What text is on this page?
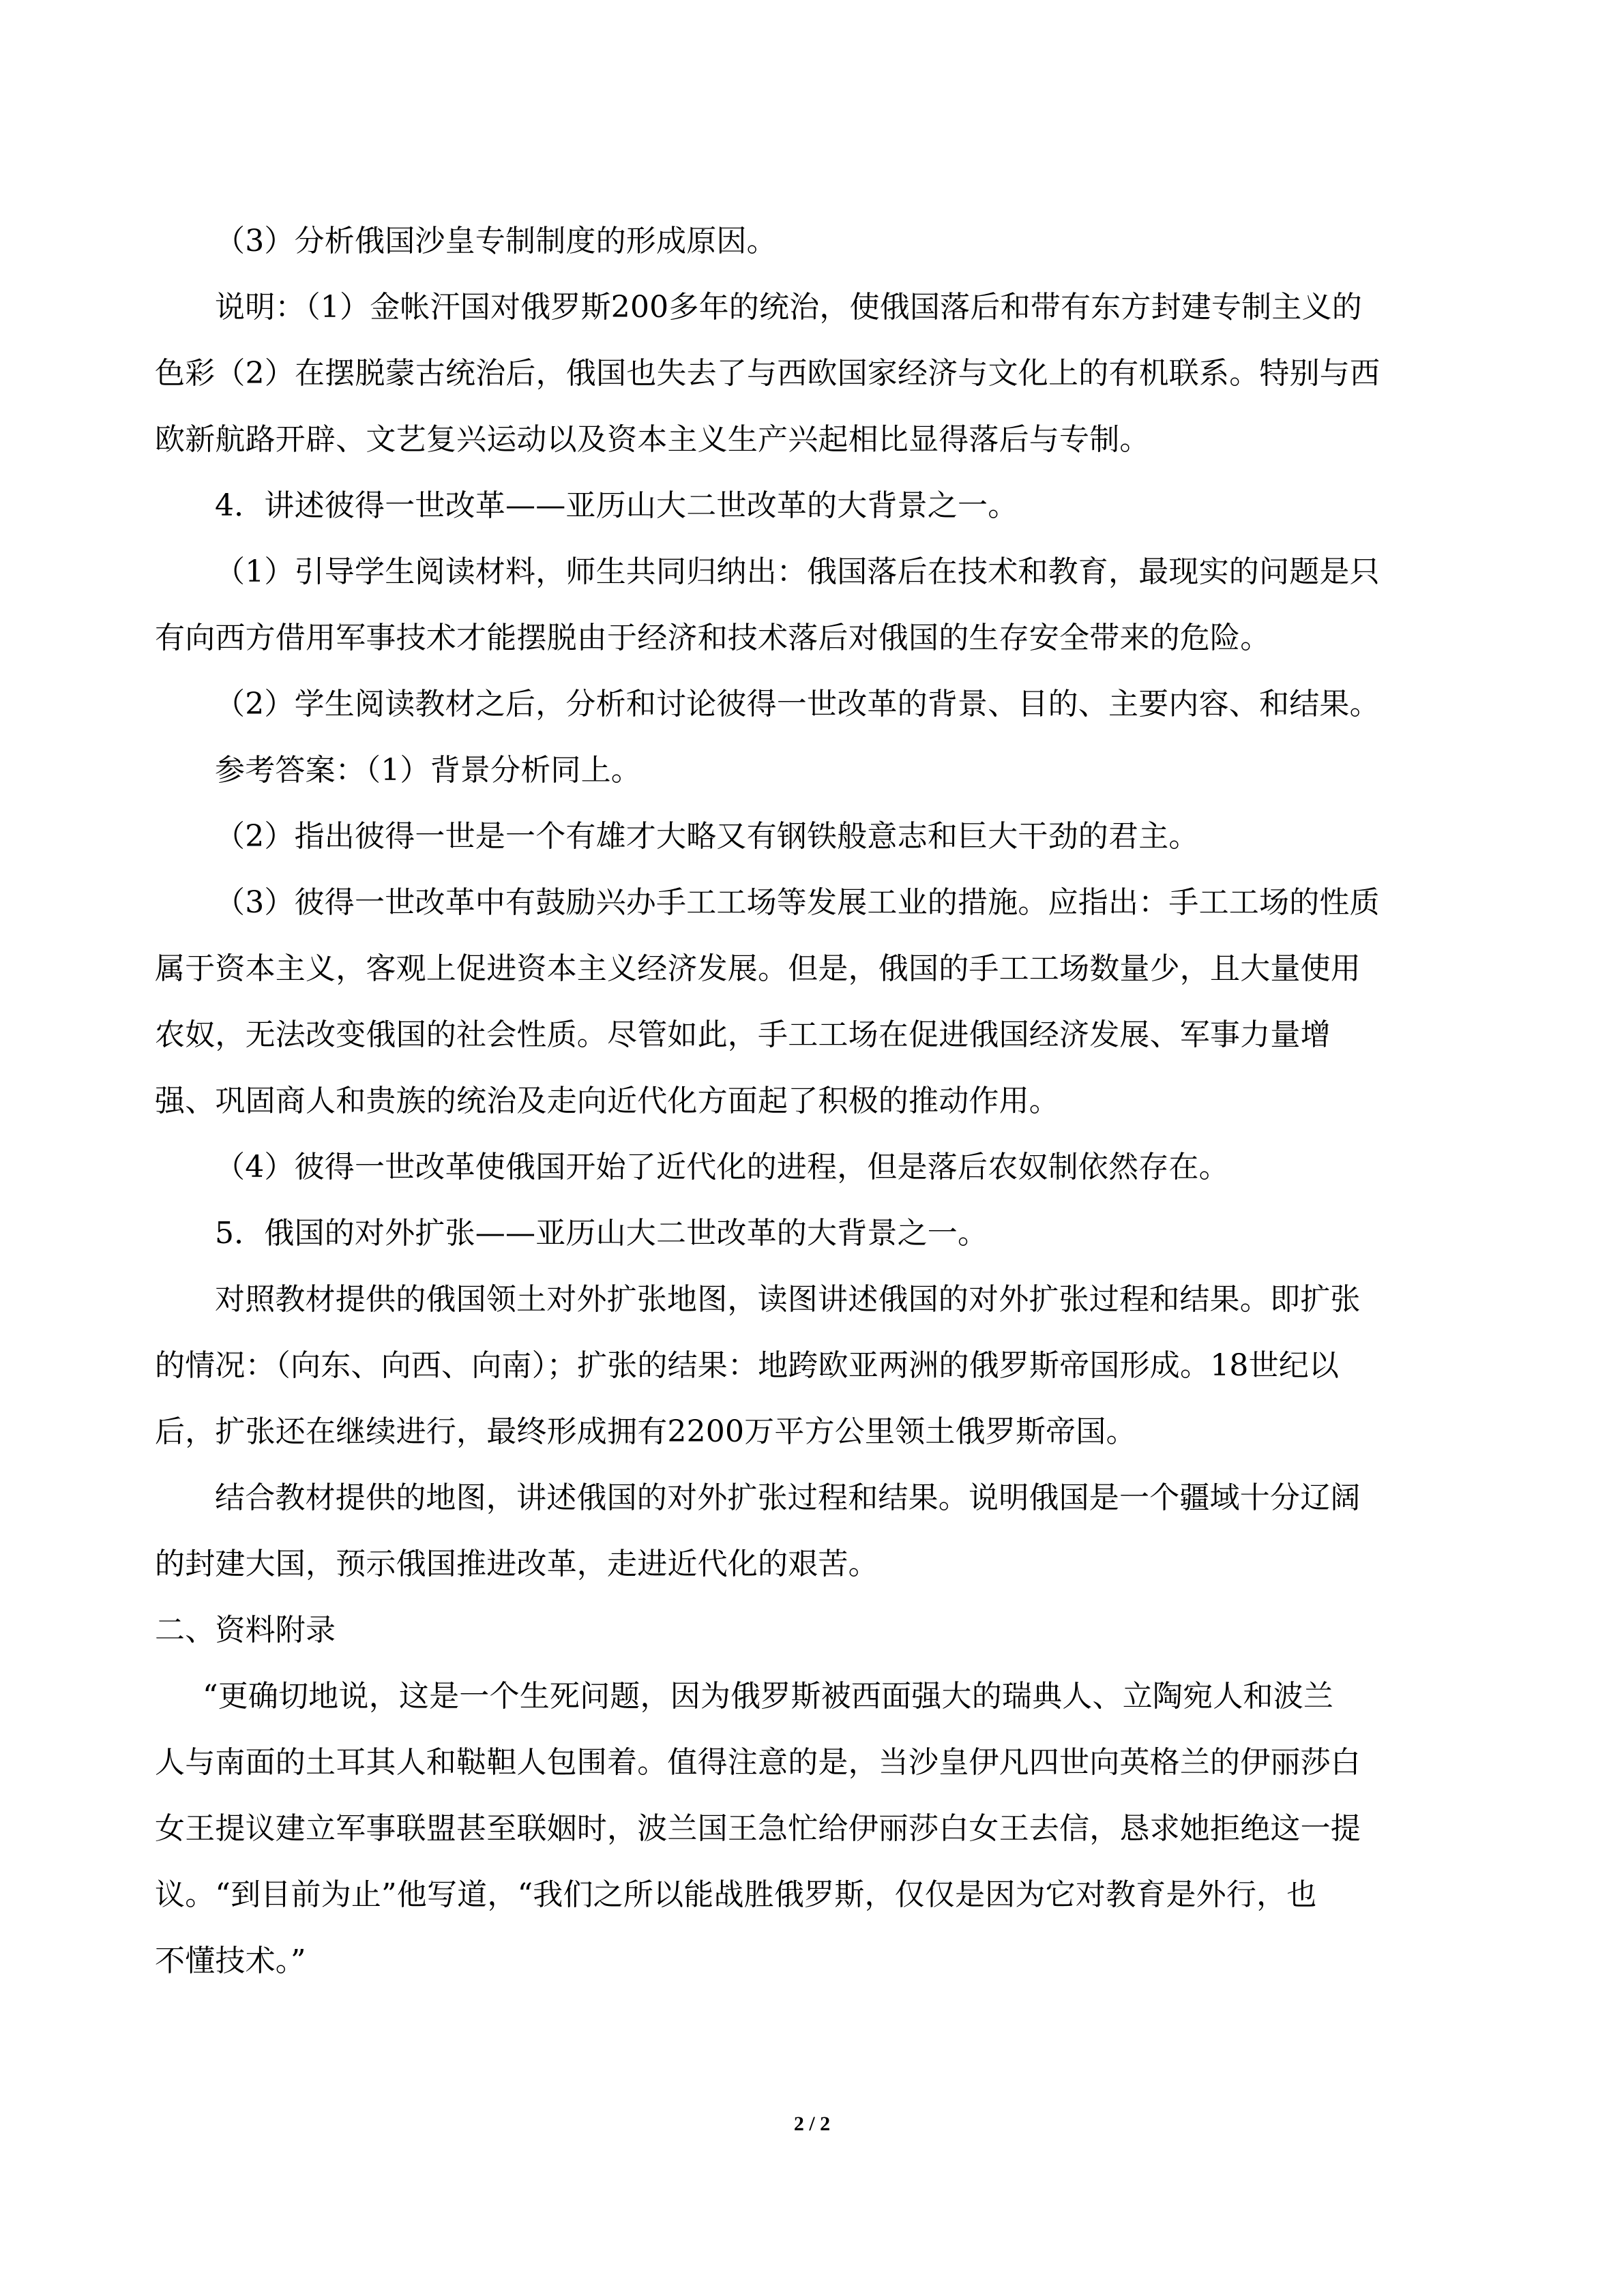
（3）分析俄国沙皇专制制度的形成原因。
说明：（1）金帐汗国对俄罗斯200多年的统治，使俄国落后和带有东方封建专制主义的
色彩（2）在摆脱蒙古统治后，俄国也失去了与西欧国家经济与文化上的有机联系。特别与西
欧新航路开辟、文艺复兴运动以及资本主义生产兴起相比显得落后与专制。
4．讲述彼得一世改革——亚历山大二世改革的大背景之一。
（1）引导学生阅读材料，师生共同归纳出：俄国落后在技术和教育，最现实的问题是只
有向西方借用军事技术才能摆脱由于经济和技术落后对俄国的生存安全带来的危险。
（2）学生阅读教材之后，分析和讨论彼得一世改革的背景、目的、主要内容、和结果。
参考答案：（1）背景分析同上。
（2）指出彼得一世是一个有雄才大略又有钢铁般意志和巨大干劲的君主。
（3）彼得一世改革中有鼓励兴办手工工场等发展工业的措施。应指出：手工工场的性质
属于资本主义，客观上促进资本主义经济发展。但是，俄国的手工工场数量少，且大量使用
农奴，无法改变俄国的社会性质。尽管如此，手工工场在促进俄国经济发展、军事力量增
强、巩固商人和贵族的统治及走向近代化方面起了积极的推动作用。
（4）彼得一世改革使俄国开始了近代化的进程，但是落后农奴制依然存在。
5．俄国的对外扩张——亚历山大二世改革的大背景之一。
对照教材提供的俄国领土对外扩张地图，读图讲述俄国的对外扩张过程和结果。即扩张
的情况：（向东、向西、向南）；扩张的结果：地跨欧亚两洲的俄罗斯帝国形成。18世纪以
后，扩张还在继续进行，最终形成拥有2200万平方公里领土俄罗斯帝国。
结合教材提供的地图，讲述俄国的对外扩张过程和结果。说明俄国是一个疆域十分辽阔
的封建大国，预示俄国推进改革，走进近代化的艰苦。
二、资料附录
“更确切地说，这是一个生死问题，因为俄罗斯被西面强大的瑞典人、立陶宛人和波兰
人与南面的土耳其人和鞑靼人包围着。值得注意的是，当沙皇伊凡四世向英格兰的伊丽莎白
女王提议建立军事联盟甚至联姻时，波兰国王急忙给伊丽莎白女王去信，恳求她拒绝这一提
议。“到目前为止”他写道，“我们之所以能战胜俄罗斯，仅仅是因为它对教育是外行，也
不懂技术。”
2 / 2
